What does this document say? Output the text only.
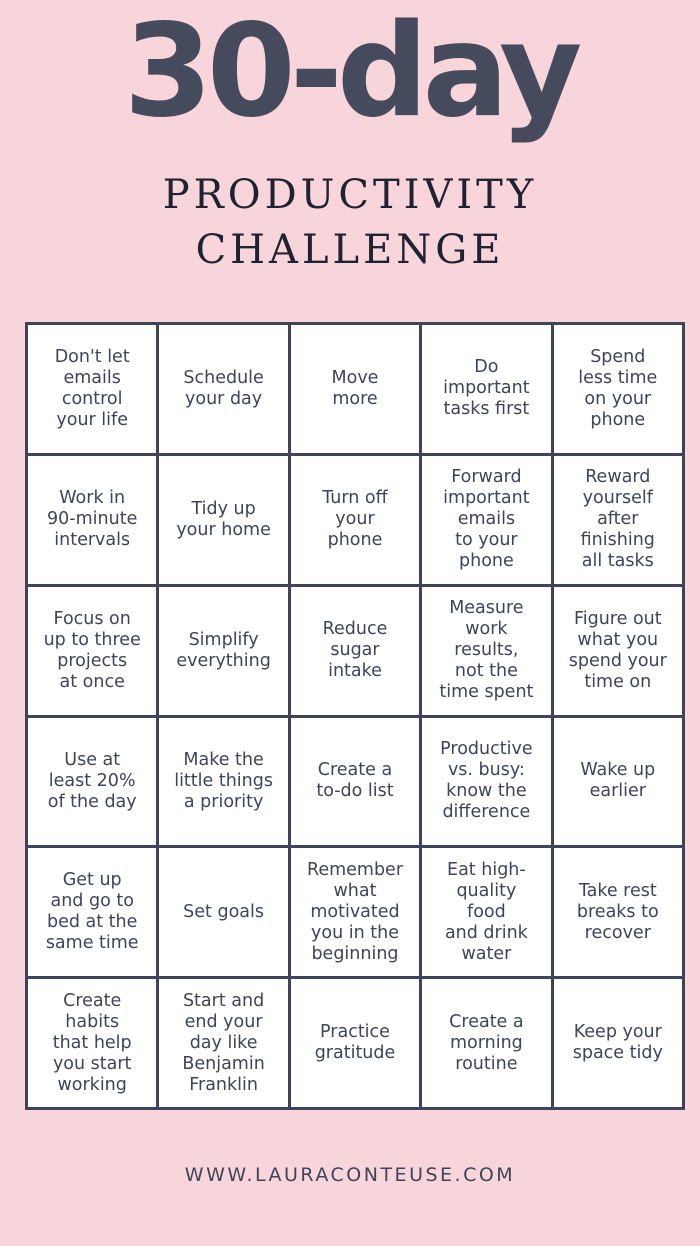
30-day
PRODUCTIVITY
CHALLENGE
Don't let
emails
control
your life
Schedule
your day
Move
more
Do
important
tasks first
Spend
less time
on your
phone
Work in
90-minute
intervals
Tidy up
your home
Turn off
your
phone
Forward
important
emails
to your
phone
Reward
yourself
after
finishing
all tasks
Focus on
up to three
projects
at once
Simplify
everything
Reduce
sugar
intake
Measure
work
results,
not the
time spent
Figure out
what you
spend your
time on
Use at
least 20%
of the day
Make the
little things
a priority
Create a
to-do list
Productive
vs. busy:
know the
difference
Wake up
earlier
Get up
and go to
bed at the
same time
Set goals
Remember
what
motivated
you in the
beginning
Eat high-
quality
food
and drink
water
Take rest
breaks to
recover
Create
habits
that help
you start
working
Start and
end your
day like
Benjamin
Franklin
Practice
gratitude
Create a
morning
routine
Keep your
space tidy
WWW.LAURACONTEUSE.COM
